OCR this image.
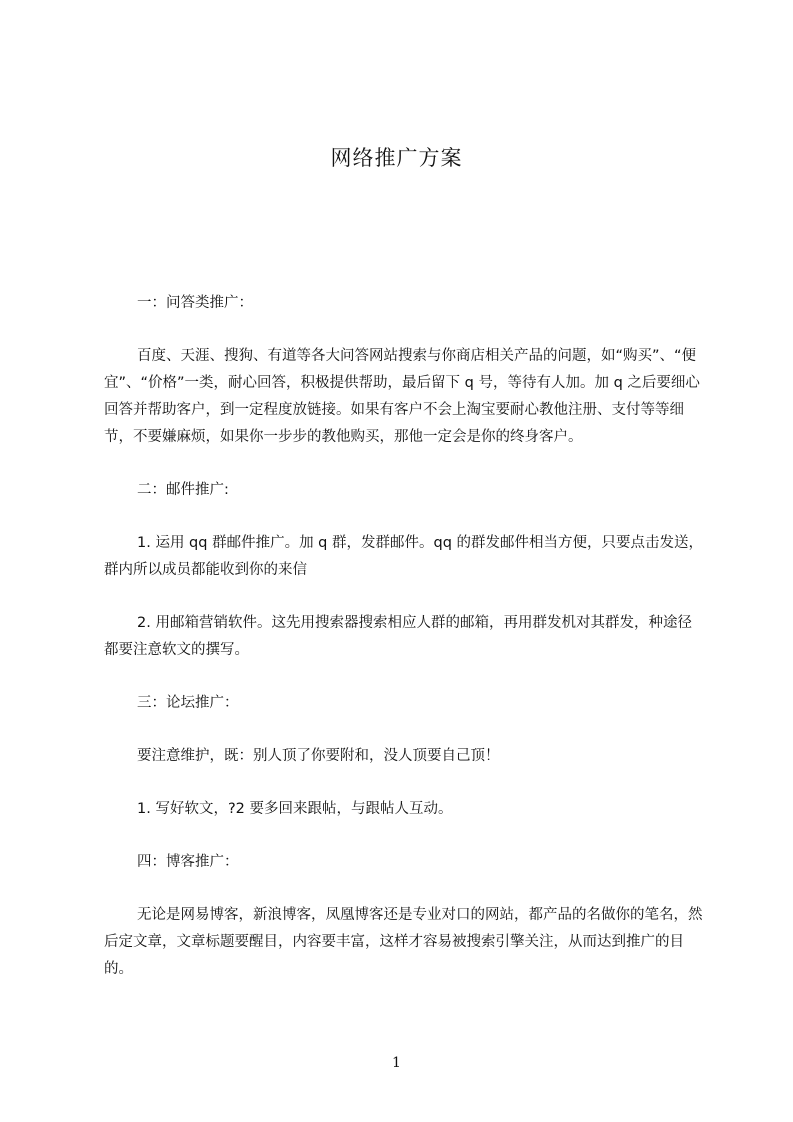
网络推广方案

一：问答类推广：

百度、天涯、搜狗、有道等各大问答网站搜索与你商店相关产品的问题，如“购买”、“便宜”、“价格”一类，耐心回答，积极提供帮助，最后留下 q 号，等待有人加。加 q 之后要细心回答并帮助客户，到一定程度放链接。如果有客户不会上淘宝要耐心教他注册、支付等等细节，不要嫌麻烦，如果你一步步的教他购买，那他一定会是你的终身客户。

二：邮件推广:

1. 运用 qq 群邮件推广。加 q 群，发群邮件。qq 的群发邮件相当方便，只要点击发送，群内所以成员都能收到你的来信

2. 用邮箱营销软件。这先用搜索器搜索相应人群的邮箱，再用群发机对其群发，种途径都要注意软文的撰写。

三：论坛推广：

要注意维护，既：别人顶了你要附和，没人顶要自己顶！

1. 写好软文，?2 要多回来跟帖，与跟帖人互动。

四：博客推广：

无论是网易博客，新浪博客，凤凰博客还是专业对口的网站，都产品的名做你的笔名，然后定文章，文章标题要醒目，内容要丰富，这样才容易被搜索引擎关注，从而达到推广的目的。

1
